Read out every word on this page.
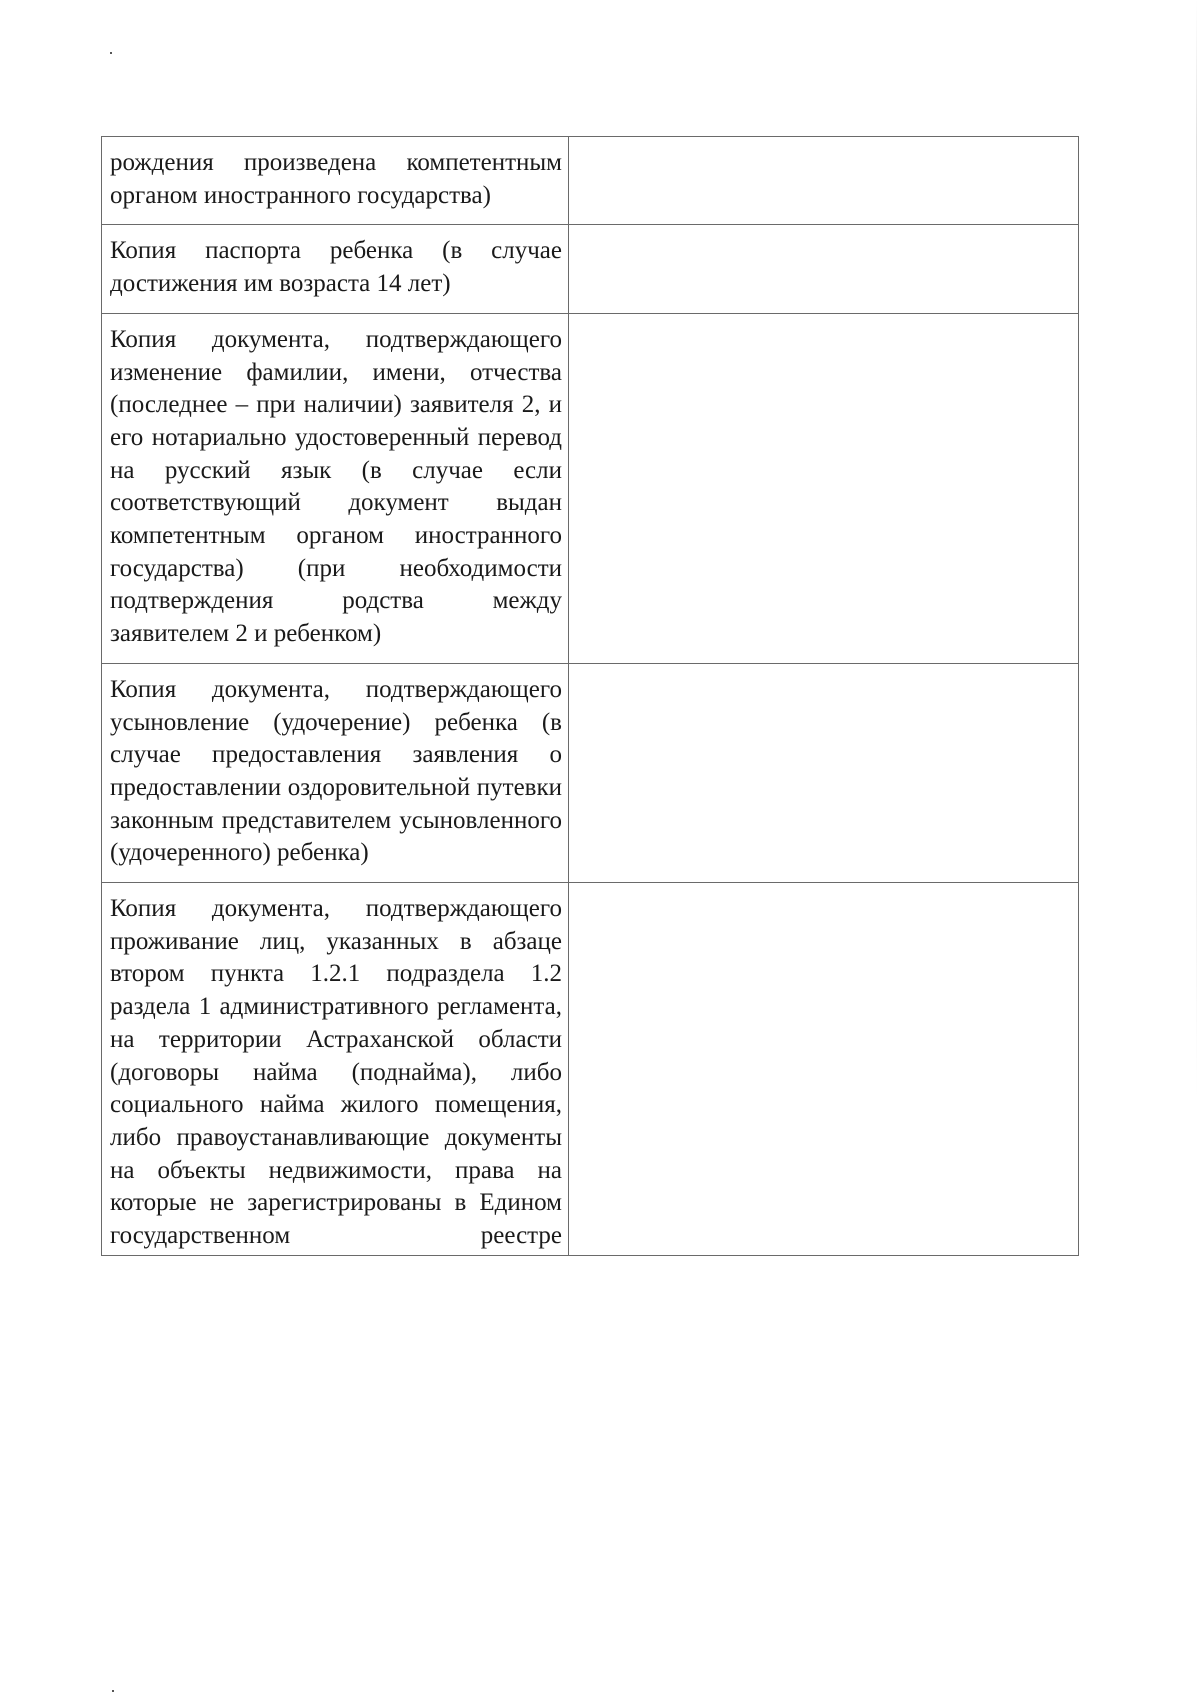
рождения произведена компетентным органом иностранного государства)	

Копия паспорта ребенка (в случае достижения им возраста 14 лет)	

Копия документа, подтверждающего изменение фамилии, имени, отчества (последнее – при наличии) заявителя 2, и его нотариально удостоверенный перевод на русский язык (в случае если соответствующий документ выдан компетентным органом иностранного государства) (при необходимости подтверждения родства между заявителем 2 и ребенком)	

Копия документа, подтверждающего усыновление (удочерение) ребенка (в случае предоставления заявления о предоставлении оздоровительной путевки законным представителем усыновленного (удочеренного) ребенка)	

Копия документа, подтверждающего проживание лиц, указанных в абзаце втором пункта 1.2.1 подраздела 1.2 раздела 1 административного регламента, на территории Астраханской области (договоры найма (поднайма), либо социального найма жилого помещения, либо правоустанавливающие документы на объекты недвижимости, права на которые не зарегистрированы в Едином государственном реестре	
